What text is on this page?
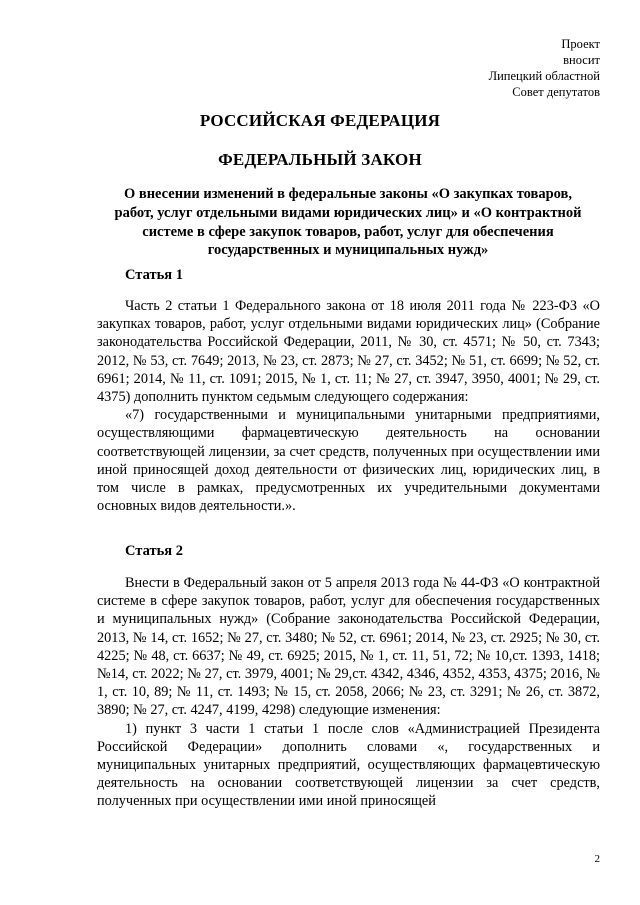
Проект
вносит
Липецкий областной
Совет депутатов
РОССИЙСКАЯ ФЕДЕРАЦИЯ
ФЕДЕРАЛЬНЫЙ ЗАКОН
О внесении изменений в федеральные законы «О закупках товаров, работ, услуг отдельными видами юридических лиц» и «О контрактной системе в сфере закупок товаров, работ, услуг для обеспечения государственных и муниципальных нужд»
Статья 1

Часть 2 статьи 1 Федерального закона от 18 июля 2011 года № 223-ФЗ «О закупках товаров, работ, услуг отдельными видами юридических лиц» (Собрание законодательства Российской Федерации, 2011, № 30, ст. 4571; № 50, ст. 7343; 2012, № 53, ст. 7649; 2013, № 23, ст. 2873; № 27, ст. 3452; № 51, ст. 6699; № 52, ст. 6961; 2014, № 11, ст. 1091; 2015, № 1, ст. 11; № 27, ст. 3947, 3950, 4001; № 29, ст. 4375) дополнить пунктом седьмым следующего содержания:

«7) государственными и муниципальными унитарными предприятиями, осуществляющими фармацевтическую деятельность на основании соответствующей лицензии, за счет средств, полученных при осуществлении ими иной приносящей доход деятельности от физических лиц, юридических лиц, в том числе в рамках, предусмотренных их учредительными документами основных видов деятельности.».

Статья 2

Внести в Федеральный закон от 5 апреля 2013 года № 44-ФЗ «О контрактной системе в сфере закупок товаров, работ, услуг для обеспечения государственных и муниципальных нужд» (Собрание законодательства Российской Федерации, 2013, № 14, ст. 1652; № 27, ст. 3480; № 52, ст. 6961; 2014, № 23, ст. 2925; № 30, ст. 4225; № 48, ст. 6637; № 49, ст. 6925; 2015, № 1, ст. 11, 51, 72; № 10,ст. 1393, 1418; №14, ст. 2022; № 27, ст. 3979, 4001; № 29,ст. 4342, 4346, 4352, 4353, 4375; 2016, № 1, ст. 10, 89; № 11, ст. 1493; № 15, ст. 2058, 2066; № 23, ст. 3291; № 26, ст. 3872, 3890; № 27, ст. 4247, 4199, 4298) следующие изменения:

1) пункт 3 части 1 статьи 1 после слов «Администрацией Президента Российской Федерации» дополнить словами «, государственных и муниципальных унитарных предприятий, осуществляющих фармацевтическую деятельность на основании соответствующей лицензии за счет средств, полученных при осуществлении ими иной приносящей

2
